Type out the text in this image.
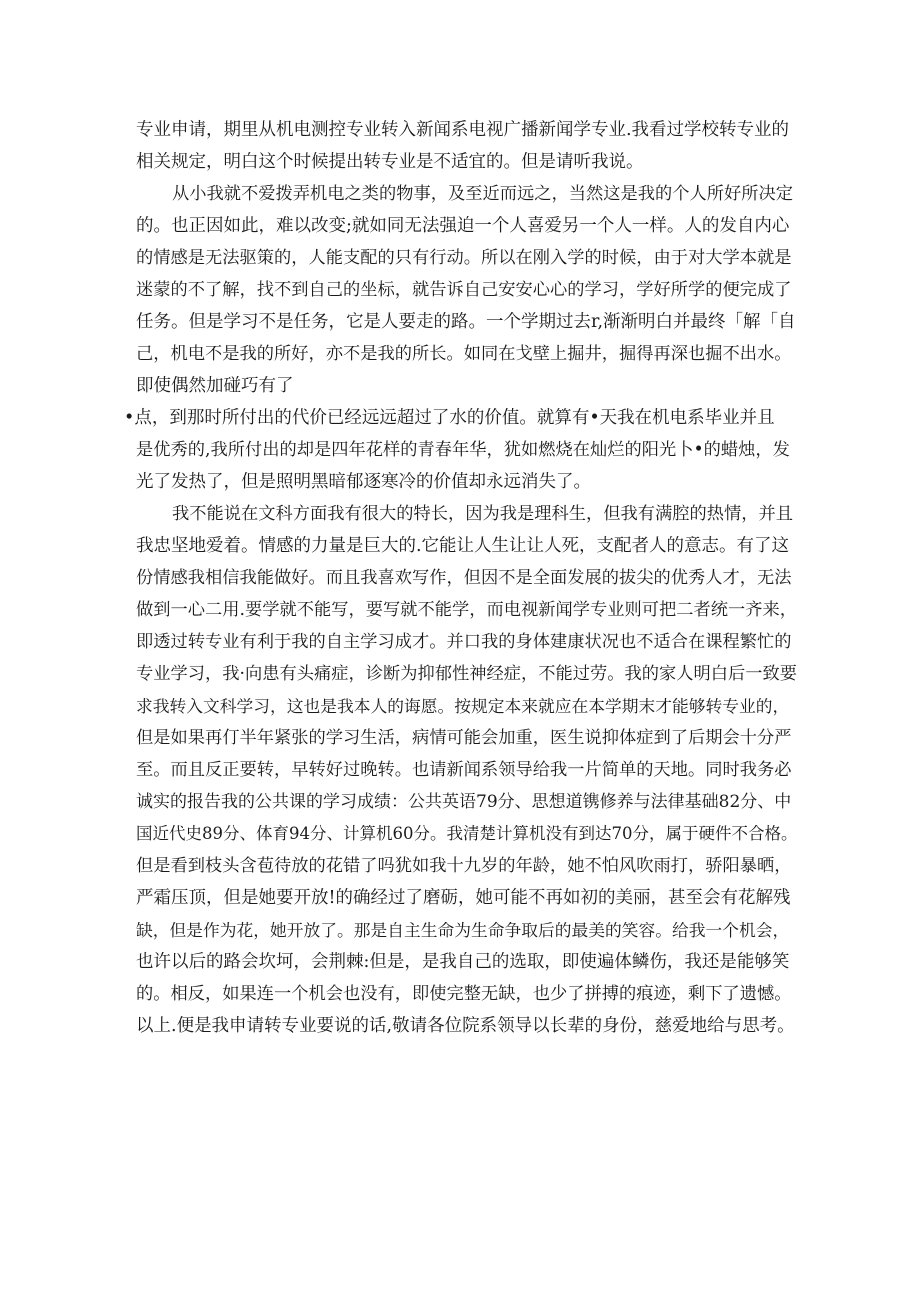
专业申请，期里从机电测控专业转入新闻系电视广播新闻学专业.我看过学校转专业的
相关规定，明白这个时候提出转专业是不适宜的。但是请听我说。
从小我就不爱拨弄机电之类的物事，及至近而远之，当然这是我的个人所好所决定
的。也正因如此，难以改变;就如同无法强迫一个人喜爱另一个人一样。人的发自内心
的情感是无法驱策的，人能支配的只有行动。所以在刚入学的时候，由于对大学本就是
迷蒙的不了解，找不到自己的坐标，就告诉自己安安心心的学习，学好所学的便完成了
任务。但是学习不是任务，它是人要走的路。一个学期过去r,渐渐明白并最终「解「自
己，机电不是我的所好，亦不是我的所长。如同在戈壁上掘井，掘得再深也掘不出水。
即使偶然加碰巧有了
•点，到那时所付出的代价已经远远超过了水的价值。就算有•天我在机电系毕业并且
是优秀的,我所付出的却是四年花样的青春年华，犹如燃烧在灿烂的阳光卜•的蜡烛，发
光了发热了，但是照明黑暗郁逐寒冷的价值却永远消失了。
我不能说在文科方面我有很大的特长，因为我是理科生，但我有满腔的热情，并且
我忠坚地爱着。情感的力量是巨大的.它能让人生让让人死，支配者人的意志。有了这
份情感我相信我能做好。而且我喜欢写作，但因不是全面发展的拔尖的优秀人才，无法
做到一心二用.要学就不能写，要写就不能学，而电视新闻学专业则可把二者统一齐来，
即透过转专业有利于我的自主学习成才。并口我的身体建康状况也不适合在课程繁忙的
专业学习，我·向患有头痛症，诊断为抑郁性神经症，不能过劳。我的家人明白后一致要
求我转入文科学习，这也是我本人的诲愿。按规定本来就应在本学期末才能够转专业的，
但是如果再仃半年紧张的学习生活，病情可能会加重，医生说抑体症到了后期会十分严
至。而且反正要转，早转好过晚转。也请新闻系领导给我一片简单的天地。同时我务必
诚实的报告我的公共课的学习成绩：公共英语79分、思想道镌修养与法律基础82分、中
国近代史89分、体育94分、计算机60分。我清楚计算机没有到达70分，属于硬件不合格。
但是看到枝头含苞待放的花错了吗犹如我十九岁的年龄，她不怕风吹雨打，骄阳暴晒，
严霜压顶，但是她要开放!的确经过了磨砺，她可能不再如初的美丽，甚至会有花解残
缺，但是作为花，她开放了。那是自主生命为生命争取后的最美的笑容。给我一个机会，
也许以后的路会坎坷，会荆棘:但是，是我自己的选取，即使遍体鳞伤，我还是能够笑
的。相反，如果连一个机会也没有，即使完整无缺，也少了拼搏的痕迹，剩下了遗憾。
以上.便是我申请转专业要说的话,敬请各位院系领导以长辈的身份，慈爱地给与思考。
